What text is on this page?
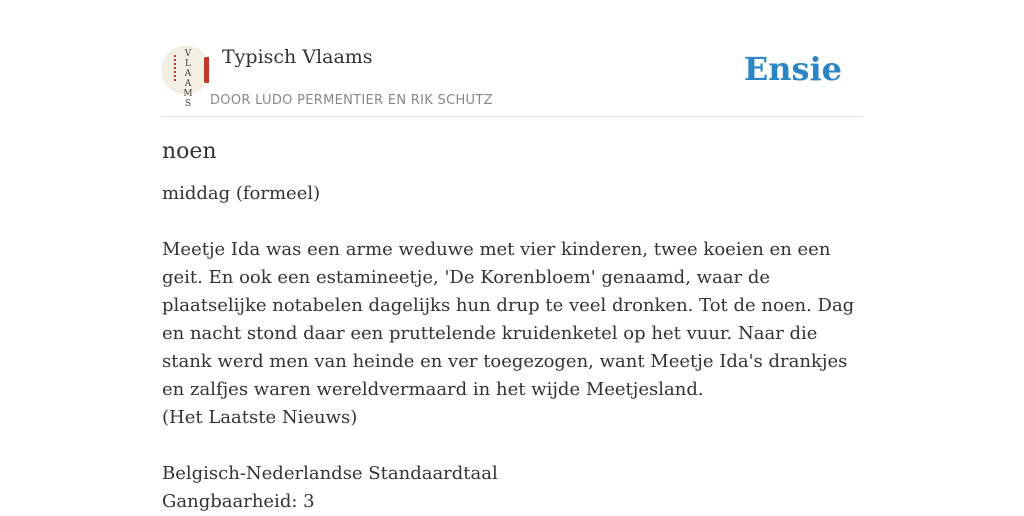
V
L
A
A
M
S
Typisch Vlaams
DOOR LUDO PERMENTIER EN RIK SCHUTZ
Ensie
noen

middag (formeel)

Meetje Ida was een arme weduwe met vier kinderen, twee koeien en een geit. En ook een estamineetje, 'De Korenbloem' genaamd, waar de plaatselijke notabelen dagelijks hun drup te veel dronken. Tot de noen. Dag en nacht stond daar een pruttelende kruidenketel op het vuur. Naar die stank werd men van heinde en ver toegezogen, want Meetje Ida's drankjes en zalfjes waren wereldvermaard in het wijde Meetjesland.

(Het Laatste Nieuws)

Belgisch-Nederlandse Standaardtaal

Gangbaarheid: 3
